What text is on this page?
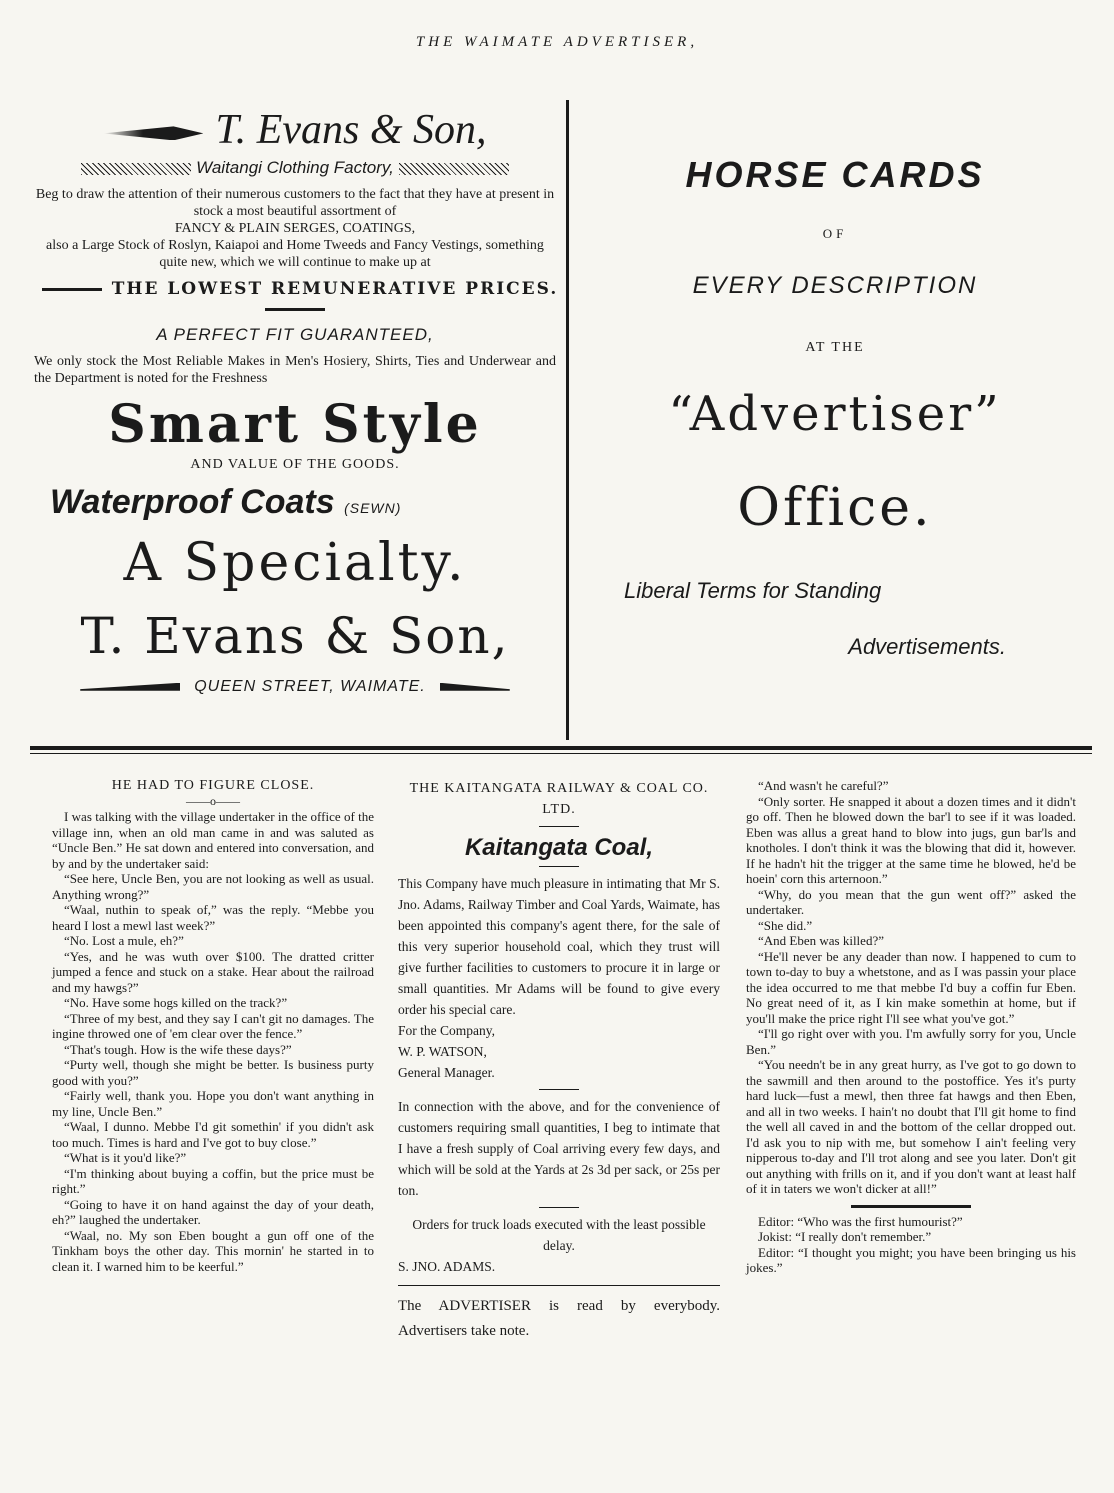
THE WAIMATE ADVERTISER,
T. Evans & Son,
Waitangi Clothing Factory,
Beg to draw the attention of their numerous customers to the fact that they have at present in stock a most beautiful assortment of
FANCY & PLAIN SERGES, COATINGS,
also a Large Stock of Roslyn, Kaiapoi and Home Tweeds and Fancy Vestings, something quite new, which we will continue to make up at
THE LOWEST REMUNERATIVE PRICES.
A PERFECT FIT GUARANTEED,
We only stock the Most Reliable Makes in Men's Hosiery, Shirts, Ties and Underwear and the Department is noted for the Freshness
Smart Style
AND VALUE OF THE GOODS.
Waterproof Coats (SEWN)
A Specialty.
T. Evans & Son,
QUEEN STREET, WAIMATE.
HORSE CARDS
OF
EVERY DESCRIPTION
AT THE
“Advertiser”
Office.
Liberal Terms for Standing
Advertisements.
HE HAD TO FIGURE CLOSE.
——o——

I was talking with the village undertaker in the office of the village inn, when an old man came in and was saluted as “Uncle Ben.” He sat down and entered into conversation, and by and by the undertaker said:

“See here, Uncle Ben, you are not looking as well as usual. Anything wrong?”

“Waal, nuthin to speak of,” was the reply. “Mebbe you heard I lost a mewl last week?”

“No. Lost a mule, eh?”

“Yes, and he was wuth over $100. The dratted critter jumped a fence and stuck on a stake. Hear about the railroad and my hawgs?”

“No. Have some hogs killed on the track?”

“Three of my best, and they say I can't git no damages. The ingine throwed one of 'em clear over the fence.”

“That's tough. How is the wife these days?”

“Purty well, though she might be better. Is business purty good with you?”

“Fairly well, thank you. Hope you don't want anything in my line, Uncle Ben.”

“Waal, I dunno. Mebbe I'd git somethin' if you didn't ask too much. Times is hard and I've got to buy close.”

“What is it you'd like?”

“I'm thinking about buying a coffin, but the price must be right.”

“Going to have it on hand against the day of your death, eh?” laughed the undertaker.

“Waal, no. My son Eben bought a gun off one of the Tinkham boys the other day. This mornin' he started in to clean it. I warned him to be keerful.”

THE KAITANGATA RAILWAY & COAL CO. LTD.
Kaitangata Coal,

This Company have much pleasure in intimating that Mr S. Jno. Adams, Railway Timber and Coal Yards, Waimate, has been appointed this company's agent there, for the sale of this very superior household coal, which they trust will give further facilities to customers to procure it in large or small quantities. Mr Adams will be found to give every order his special care.

For the Company,

W. P. WATSON,

General Manager.

In connection with the above, and for the convenience of customers requiring small quantities, I beg to intimate that I have a fresh supply of Coal arriving every few days, and which will be sold at the Yards at 2s 3d per sack, or 25s per ton.

Orders for truck loads executed with the least possible delay.

S. JNO. ADAMS.

The ADVERTISER is read by everybody. Advertisers take note.

“And wasn't he careful?”

“Only sorter. He snapped it about a dozen times and it didn't go off. Then he blowed down the bar'l to see if it was loaded. Eben was allus a great hand to blow into jugs, gun bar'ls and knotholes. I don't think it was the blowing that did it, however. If he hadn't hit the trigger at the same time he blowed, he'd be hoein' corn this arternoon.”

“Why, do you mean that the gun went off?” asked the undertaker.

“She did.”

“And Eben was killed?”

“He'll never be any deader than now. I happened to cum to town to-day to buy a whetstone, and as I was passin your place the idea occurred to me that mebbe I'd buy a coffin fur Eben. No great need of it, as I kin make somethin at home, but if you'll make the price right I'll see what you've got.”

“I'll go right over with you. I'm awfully sorry for you, Uncle Ben.”

“You needn't be in any great hurry, as I've got to go down to the sawmill and then around to the postoffice. Yes it's purty hard luck—fust a mewl, then three fat hawgs and then Eben, and all in two weeks. I hain't no doubt that I'll git home to find the well all caved in and the bottom of the cellar dropped out. I'd ask you to nip with me, but somehow I ain't feeling very nipperous to-day and I'll trot along and see you later. Don't git out anything with frills on it, and if you don't want at least half of it in taters we won't dicker at all!”

Editor: “Who was the first humourist?”

Jokist: “I really don't remember.”

Editor: “I thought you might; you have been bringing us his jokes.”
